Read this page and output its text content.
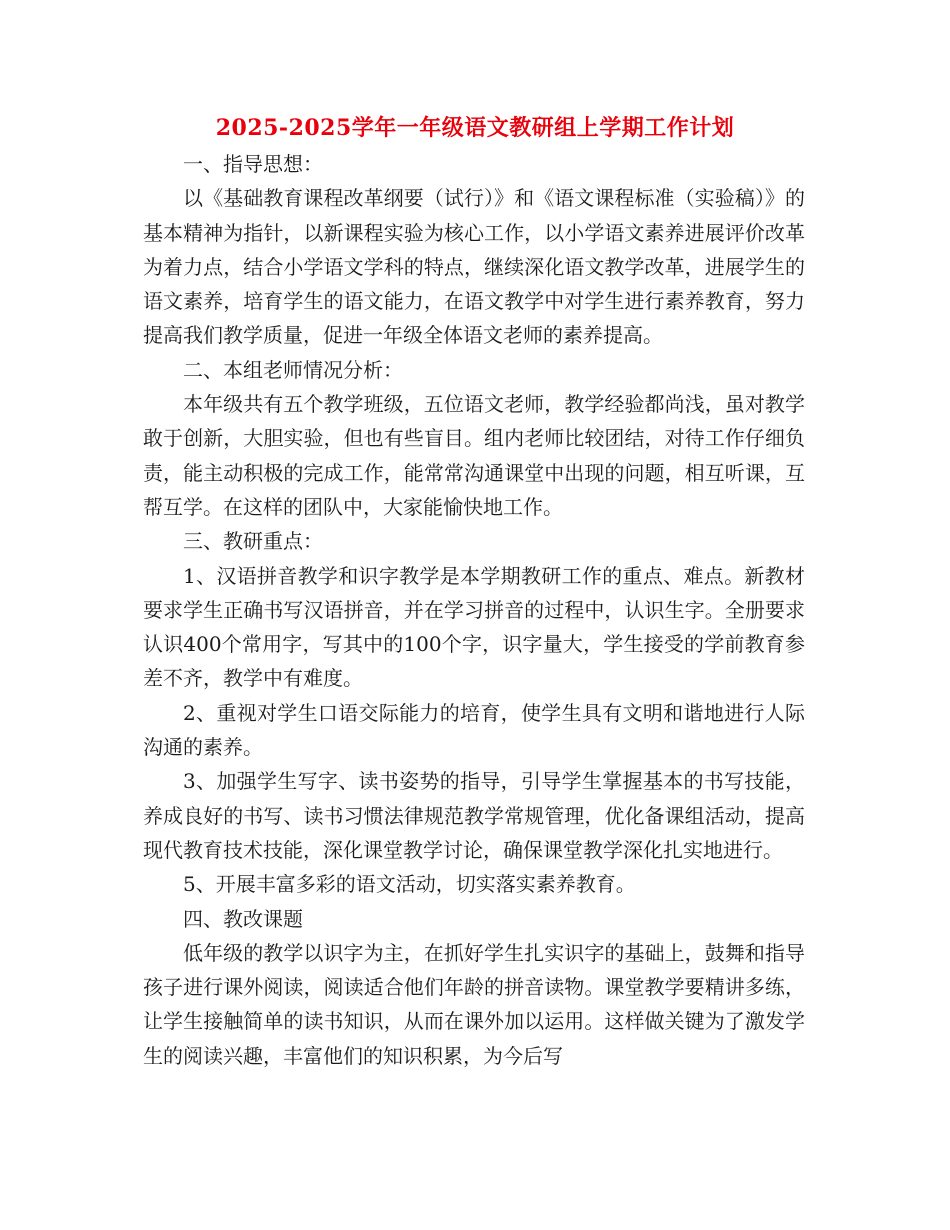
2025-2025学年一年级语文教研组上学期工作计划

一、指导思想：

以《基础教育课程改革纲要（试行）》和《语文课程标准（实验稿）》的基本精神为指针，以新课程实验为核心工作，以小学语文素养进展评价改革为着力点，结合小学语文学科的特点，继续深化语文教学改革，进展学生的语文素养，培育学生的语文能力，在语文教学中对学生进行素养教育，努力提高我们教学质量，促进一年级全体语文老师的素养提高。

二、本组老师情况分析：

本年级共有五个教学班级，五位语文老师，教学经验都尚浅，虽对教学敢于创新，大胆实验，但也有些盲目。组内老师比较团结，对待工作仔细负责，能主动积极的完成工作，能常常沟通课堂中出现的问题，相互听课，互帮互学。在这样的团队中，大家能愉快地工作。

三、教研重点：

1、汉语拼音教学和识字教学是本学期教研工作的重点、难点。新教材要求学生正确书写汉语拼音，并在学习拼音的过程中，认识生字。全册要求认识400个常用字，写其中的100个字，识字量大，学生接受的学前教育参差不齐，教学中有难度。

2、重视对学生口语交际能力的培育，使学生具有文明和谐地进行人际沟通的素养。

3、加强学生写字、读书姿势的指导，引导学生掌握基本的书写技能，养成良好的书写、读书习惯法律规范教学常规管理，优化备课组活动，提高现代教育技术技能，深化课堂教学讨论，确保课堂教学深化扎实地进行。

5、开展丰富多彩的语文活动，切实落实素养教育。

四、教改课题

低年级的教学以识字为主，在抓好学生扎实识字的基础上，鼓舞和指导孩子进行课外阅读，阅读适合他们年龄的拼音读物。课堂教学要精讲多练，让学生接触简单的读书知识，从而在课外加以运用。这样做关键为了激发学生的阅读兴趣，丰富他们的知识积累，为今后写
